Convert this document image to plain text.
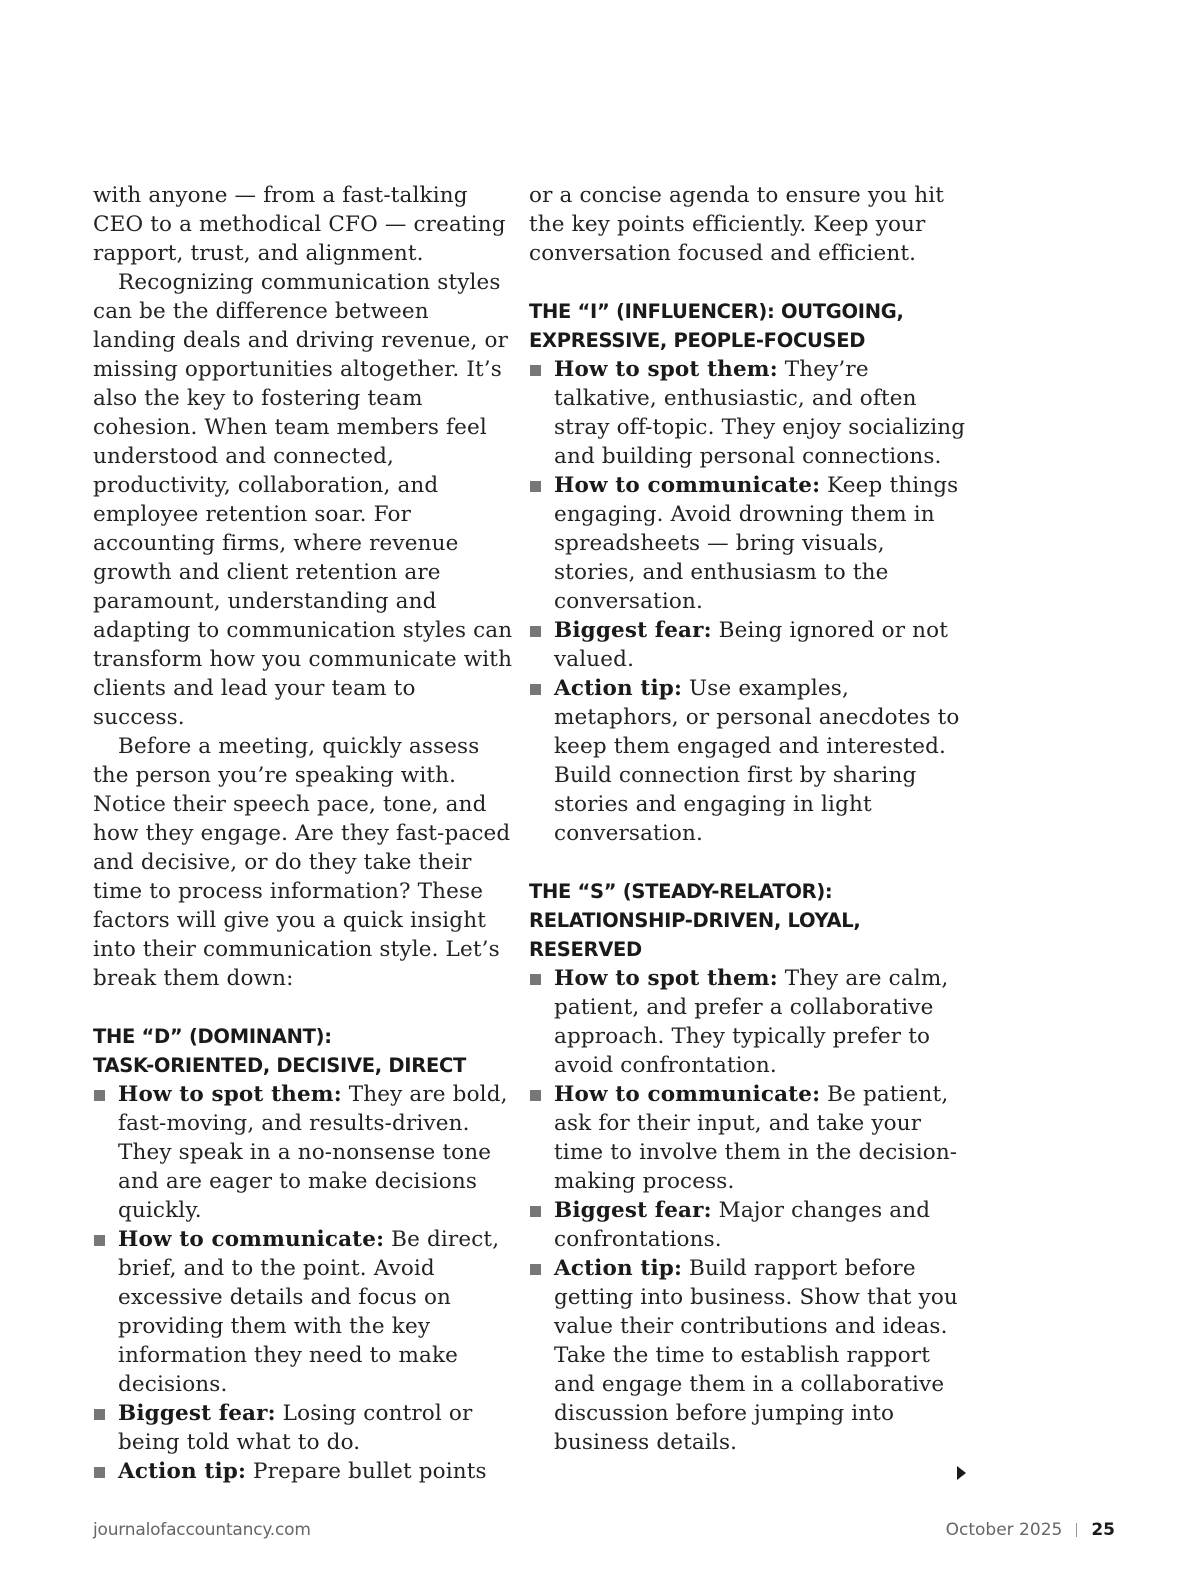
with anyone — from a fast-talking CEO to a methodical CFO — creating rapport, trust, and alignment.

Recognizing communication styles can be the difference between landing deals and driving revenue, or missing opportunities altogether. It’s also the key to fostering team cohesion. When team members feel understood and connected, productivity, collaboration, and employee retention soar. For accounting firms, where revenue growth and client retention are paramount, understanding and adapting to communication styles can transform how you communicate with clients and lead your team to success.

Before a meeting, quickly assess the person you’re speaking with. Notice their speech pace, tone, and how they engage. Are they fast-paced and decisive, or do they take their time to process information? These factors will give you a quick insight into their communication style. Let’s break them down:

THE “D” (DOMINANT):
TASK-ORIENTED, DECISIVE, DIRECT
How to spot them: They are bold, fast-moving, and results-driven. They speak in a no-nonsense tone and are eager to make decisions quickly.
How to communicate: Be direct, brief, and to the point. Avoid excessive details and focus on providing them with the key information they need to make decisions.
Biggest fear: Losing control or being told what to do.
Action tip: Prepare bullet points

or a concise agenda to ensure you hit the key points efficiently. Keep your conversation focused and efficient.

THE “I” (INFLUENCER): OUTGOING,
EXPRESSIVE, PEOPLE-FOCUSED
How to spot them: They’re talkative, enthusiastic, and often stray off-topic. They enjoy socializing and building personal connections.
How to communicate: Keep things engaging. Avoid drowning them in spreadsheets — bring visuals, stories, and enthusiasm to the conversation.
Biggest fear: Being ignored or not valued.
Action tip: Use examples, metaphors, or personal anecdotes to keep them engaged and interested. Build connection first by sharing stories and engaging in light conversation.
THE “S” (STEADY-RELATOR):
RELATIONSHIP-DRIVEN, LOYAL,
RESERVED
How to spot them: They are calm, patient, and prefer a collaborative approach. They typically prefer to avoid confrontation.
How to communicate: Be patient, ask for their input, and take your time to involve them in the decision-making process.
Biggest fear: Major changes and confrontations.
Action tip: Build rapport before getting into business. Show that you value their contributions and ideas. Take the time to establish rapport and engage them in a collaborative discussion before jumping into business details.
journalofaccountancy.com	October 2025 25
